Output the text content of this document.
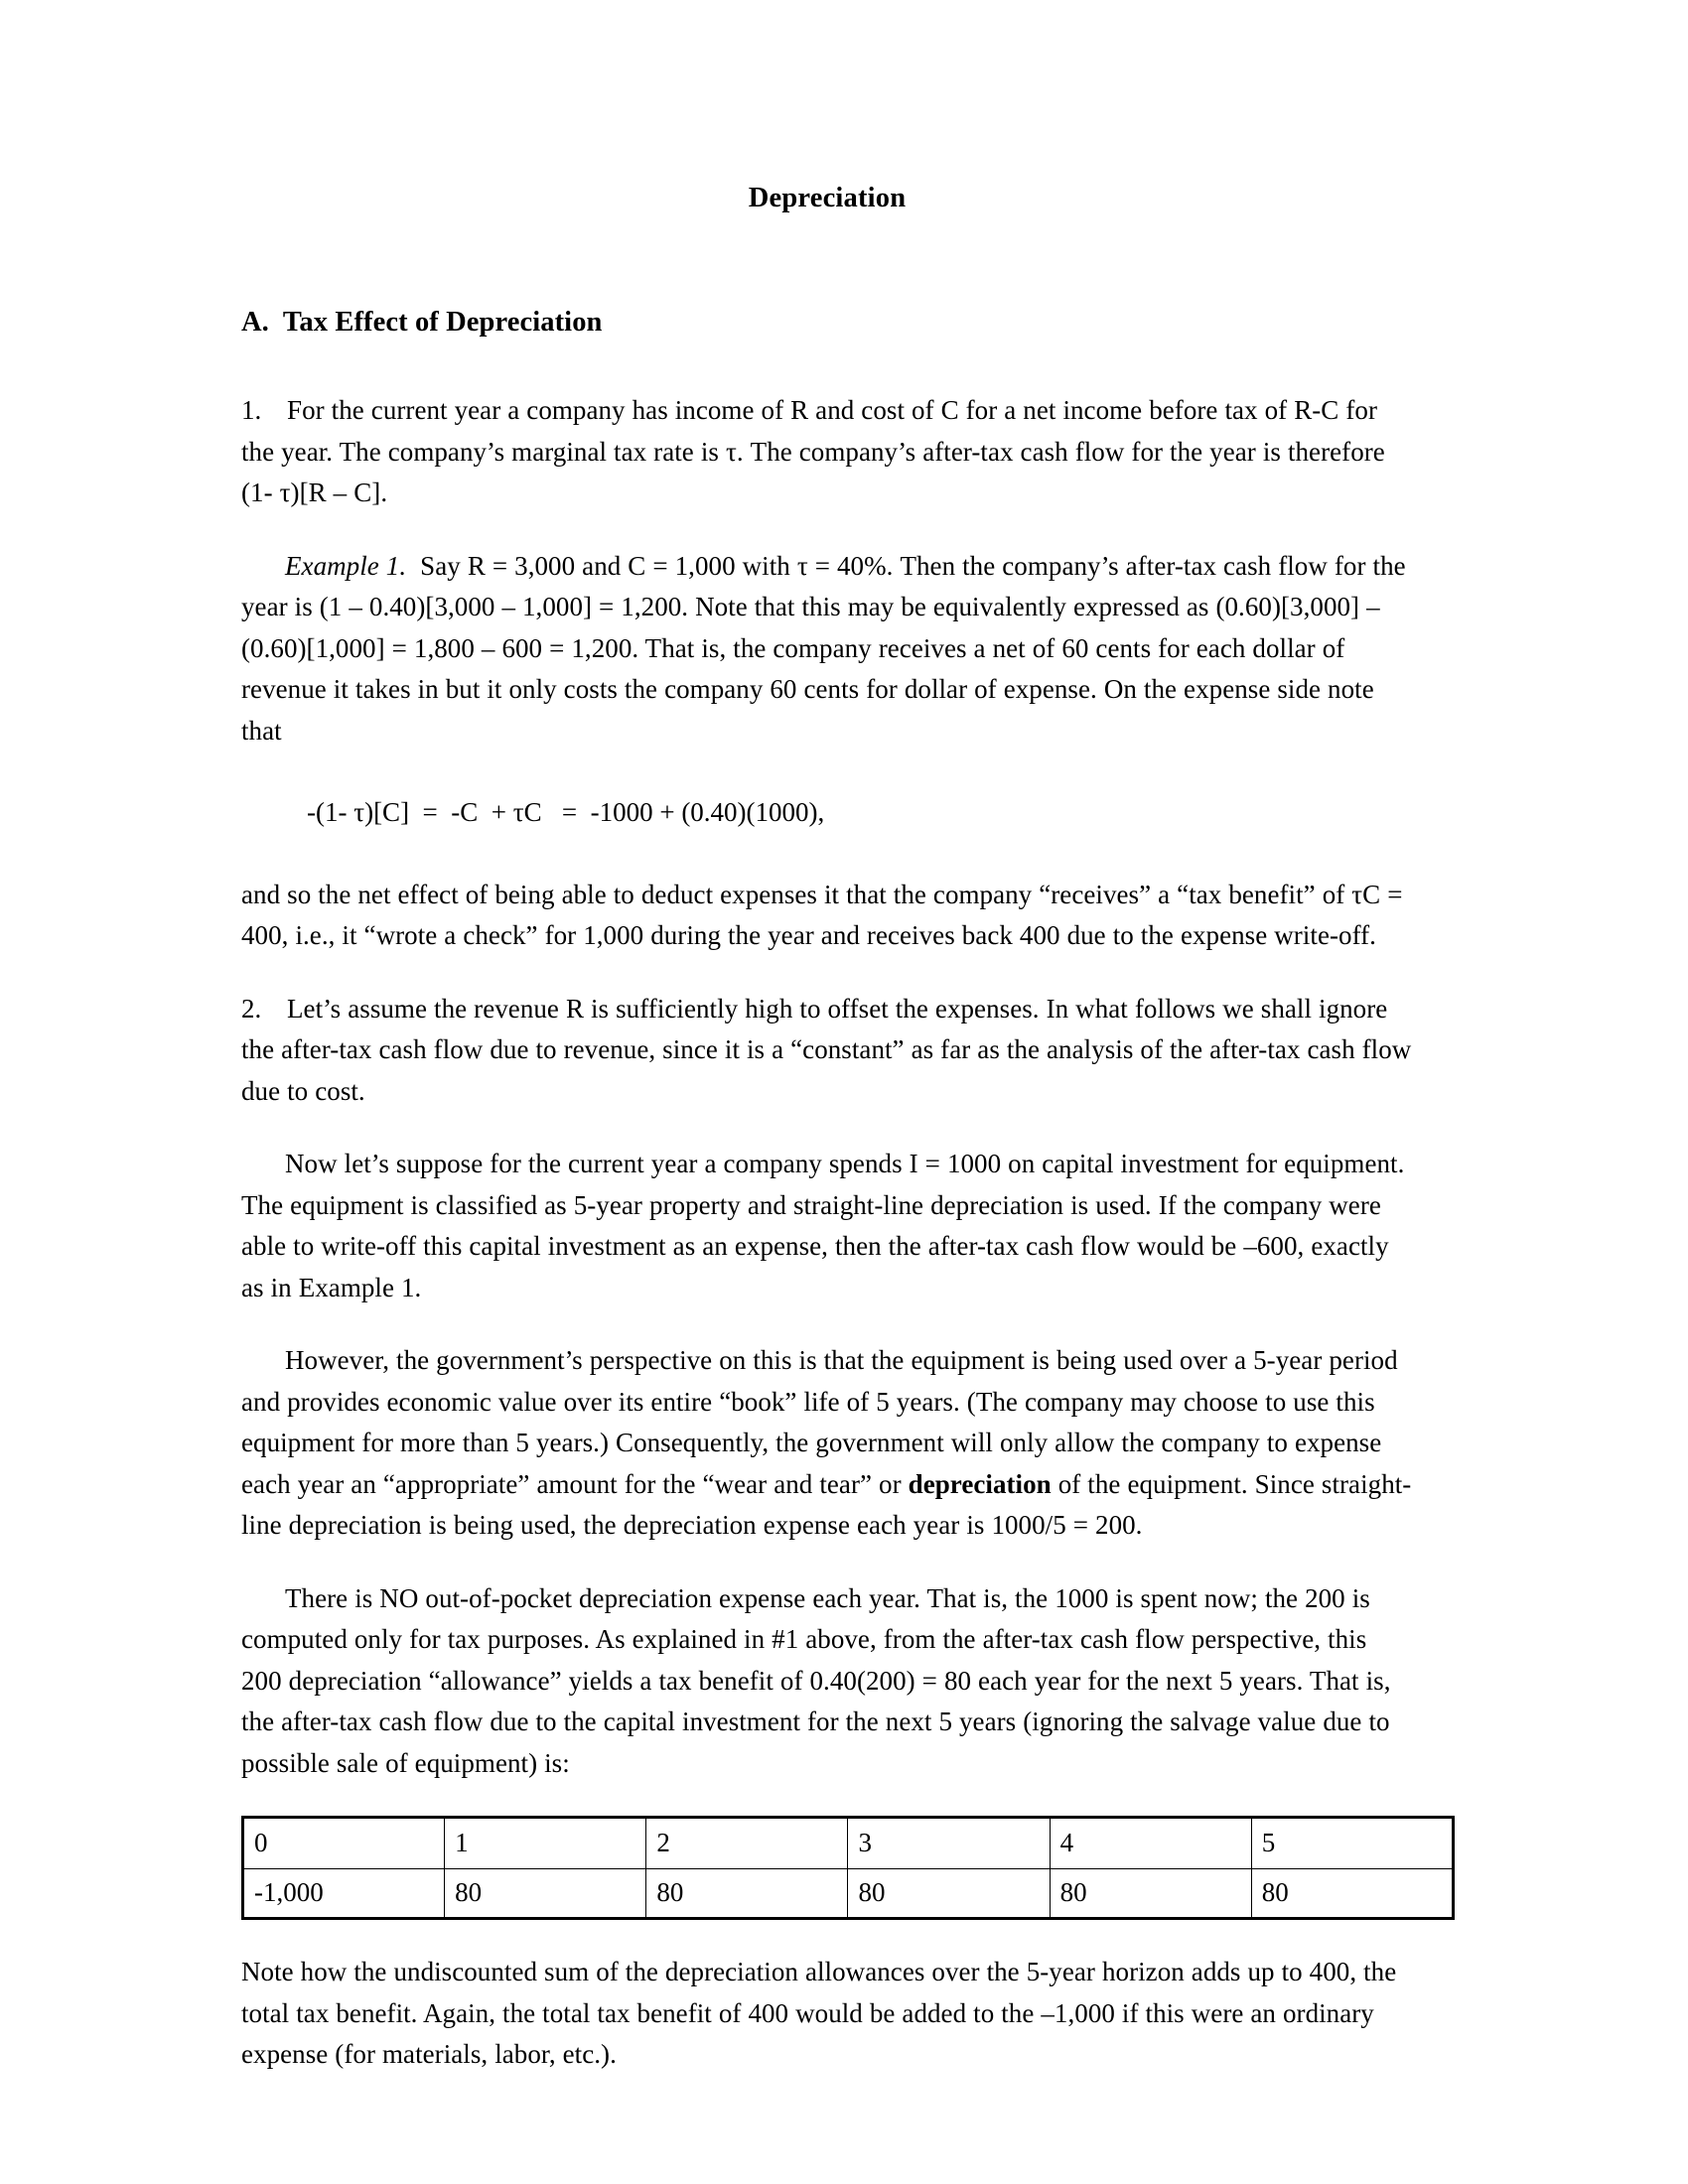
Depreciation
A. Tax Effect of Depreciation

1. For the current year a company has income of R and cost of C for a net income before tax of R-C for the year. The company’s marginal tax rate is τ. The company’s after-tax cash flow for the year is therefore (1- τ)[R – C].

Example 1. Say R = 3,000 and C = 1,000 with τ = 40%. Then the company’s after-tax cash flow for the year is (1 – 0.40)[3,000 – 1,000] = 1,200. Note that this may be equivalently expressed as (0.60)[3,000] – (0.60)[1,000] = 1,800 – 600 = 1,200. That is, the company receives a net of 60 cents for each dollar of revenue it takes in but it only costs the company 60 cents for dollar of expense. On the expense side note that

-(1- τ)[C]  =  -C  + τC   =  -1000 + (0.40)(1000),

and so the net effect of being able to deduct expenses it that the company “receives” a “tax benefit” of τC = 400, i.e., it “wrote a check” for 1,000 during the year and receives back 400 due to the expense write-off.

2. Let’s assume the revenue R is sufficiently high to offset the expenses. In what follows we shall ignore the after-tax cash flow due to revenue, since it is a “constant” as far as the analysis of the after-tax cash flow due to cost.

Now let’s suppose for the current year a company spends I = 1000 on capital investment for equipment. The equipment is classified as 5-year property and straight-line depreciation is used. If the company were able to write-off this capital investment as an expense, then the after-tax cash flow would be –600, exactly as in Example 1.

However, the government’s perspective on this is that the equipment is being used over a 5-year period and provides economic value over its entire “book” life of 5 years. (The company may choose to use this equipment for more than 5 years.) Consequently, the government will only allow the company to expense each year an “appropriate” amount for the “wear and tear” or depreciation of the equipment. Since straight-line depreciation is being used, the depreciation expense each year is 1000/5 = 200.

There is NO out-of-pocket depreciation expense each year. That is, the 1000 is spent now; the 200 is computed only for tax purposes. As explained in #1 above, from the after-tax cash flow perspective, this 200 depreciation “allowance” yields a tax benefit of 0.40(200) = 80 each year for the next 5 years. That is, the after-tax cash flow due to the capital investment for the next 5 years (ignoring the salvage value due to possible sale of equipment) is:

0	1	2	3	4	5
-1,000	80	80	80	80	80

Note how the undiscounted sum of the depreciation allowances over the 5-year horizon adds up to 400, the total tax benefit. Again, the total tax benefit of 400 would be added to the –1,000 if this were an ordinary expense (for materials, labor, etc.).
